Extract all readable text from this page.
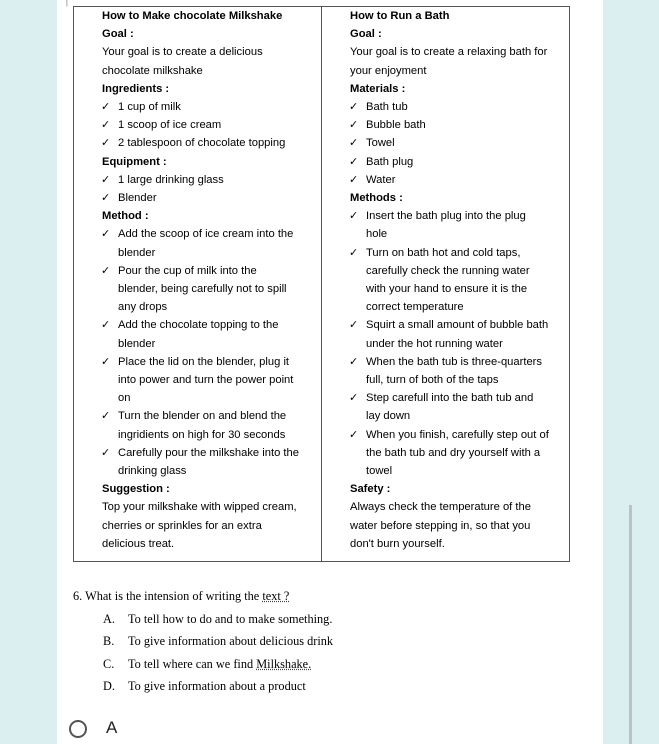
|
How to Make chocolate Milkshake
Goal :
Your goal is to create a delicious
chocolate milkshake
Ingredients :
✓ 1 cup of milk
✓ 1 scoop of ice cream
✓ 2 tablespoon of chocolate topping
Equipment :
✓ 1 large drinking glass
✓ Blender
Method :
✓ Add the scoop of ice cream into the
blender
✓ Pour the cup of milk into the
blender, being carefully not to spill
any drops
✓ Add the chocolate topping to the
blender
✓ Place the lid on the blender, plug it
into power and turn the power point
on
✓ Turn the blender on and blend the
ingridients on high for 30 seconds
✓ Carefully pour the milkshake into the
drinking glass
Suggestion :
Top your milkshake with wipped cream,
cherries or sprinkles for an extra
delicious treat.
How to Run a Bath
Goal :
Your goal is to create a relaxing bath for
your enjoyment
Materials :
✓ Bath tub
✓ Bubble bath
✓ Towel
✓ Bath plug
✓ Water
Methods :
✓ Insert the bath plug into the plug
hole
✓ Turn on bath hot and cold taps,
carefully check the running water
with your hand to ensure it is the
correct temperature
✓ Squirt a small amount of bubble bath
under the hot running water
✓ When the bath tub is three-quarters
full, turn of both of the taps
✓ Step carefull into the bath tub and
lay down
✓ When you finish, carefully step out of
the bath tub and dry yourself with a
towel
Safety :
Always check the temperature of the
water before stepping in, so that you
don't burn yourself.
6. What is the intension of writing the text ?
A. To tell how to do and to make something.
B. To give information about delicious drink
C. To tell where can we find Milkshake.
D. To give information about a product
A
